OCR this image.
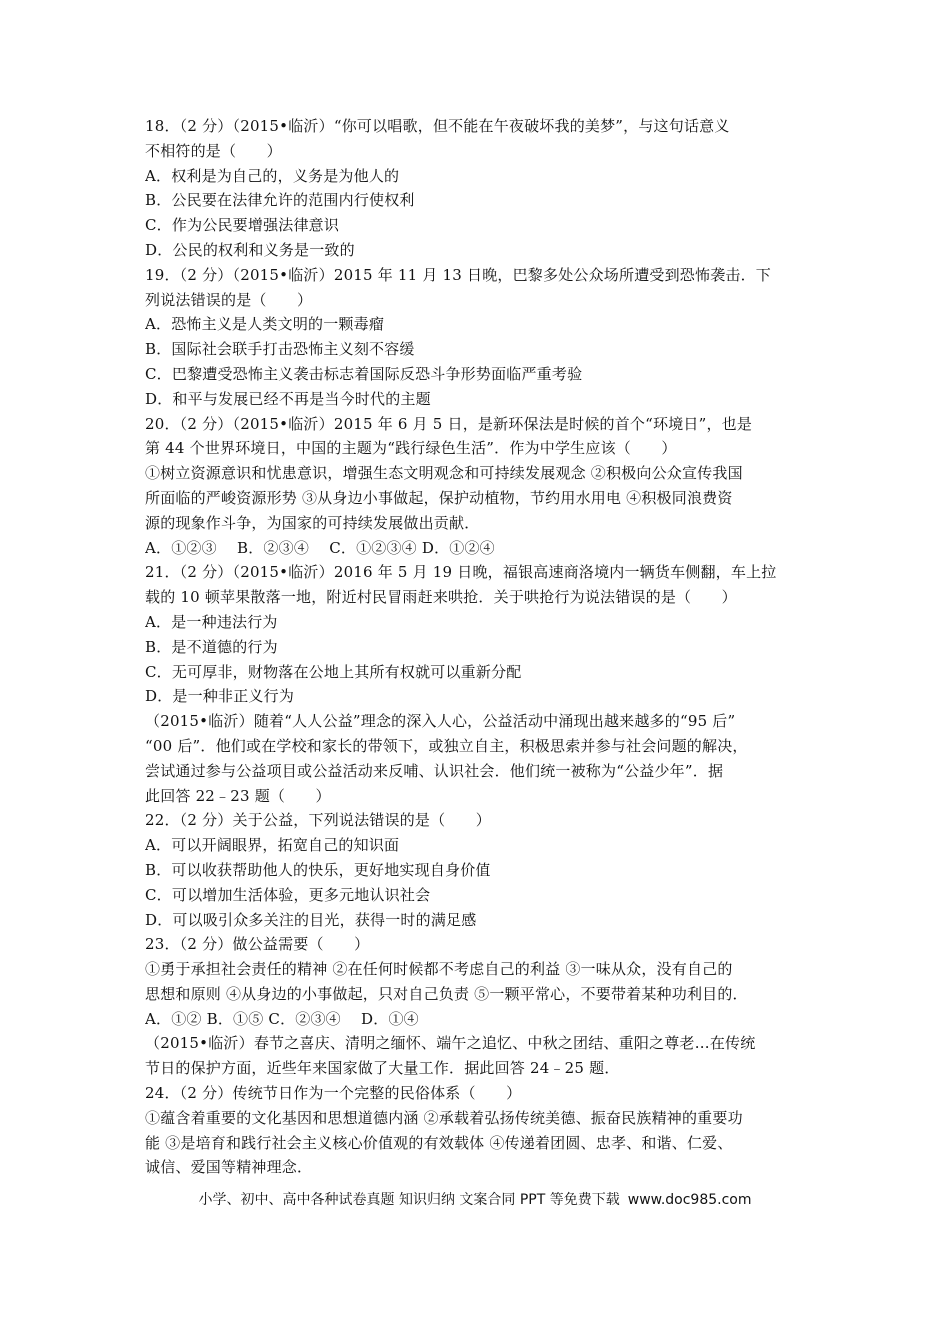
18．（2 分）（2015•临沂）“你可以唱歌，但不能在午夜破坏我的美梦”，与这句话意义
不相符的是（　　）
A．权利是为自己的，义务是为他人的
B．公民要在法律允许的范围内行使权利
C．作为公民要增强法律意识
D．公民的权利和义务是一致的
19．（2 分）（2015•临沂）2015 年 11 月 13 日晚，巴黎多处公众场所遭受到恐怖袭击．下
列说法错误的是（　　）
A．恐怖主义是人类文明的一颗毒瘤
B．国际社会联手打击恐怖主义刻不容缓
C．巴黎遭受恐怖主义袭击标志着国际反恐斗争形势面临严重考验
D．和平与发展已经不再是当今时代的主题
20．（2 分）（2015•临沂）2015 年 6 月 5 日，是新环保法是时候的首个“环境日”，也是
第 44 个世界环境日，中国的主题为“践行绿色生活”．作为中学生应该（　　）
①树立资源意识和忧患意识，增强生态文明观念和可持续发展观念 ②积极向公众宣传我国
所面临的严峻资源形势 ③从身边小事做起，保护动植物，节约用水用电 ④积极同浪费资
源的现象作斗争，为国家的可持续发展做出贡献．
A．①②③　 B．②③④　 C．①②③④ D．①②④
21．（2 分）（2015•临沂）2016 年 5 月 19 日晚，福银高速商洛境内一辆货车侧翻，车上拉
载的 10 顿苹果散落一地，附近村民冒雨赶来哄抢．关于哄抢行为说法错误的是（　　）
A．是一种违法行为
B．是不道德的行为
C．无可厚非，财物落在公地上其所有权就可以重新分配
D．是一种非正义行为
（2015•临沂）随着“人人公益”理念的深入人心，公益活动中涌现出越来越多的“95 后”
“00 后”．他们或在学校和家长的带领下，或独立自主，积极思索并参与社会问题的解决，
尝试通过参与公益项目或公益活动来反哺、认识社会．他们统一被称为“公益少年”．据
此回答 22﹣23 题（　　）
22．（2 分）关于公益，下列说法错误的是（　　）
A．可以开阔眼界，拓宽自己的知识面
B．可以收获帮助他人的快乐，更好地实现自身价值
C．可以增加生活体验，更多元地认识社会
D．可以吸引众多关注的目光，获得一时的满足感
23．（2 分）做公益需要（　　）
①勇于承担社会责任的精神 ②在任何时候都不考虑自己的利益 ③一味从众，没有自己的
思想和原则 ④从身边的小事做起，只对自己负责 ⑤一颗平常心，不要带着某种功利目的．
A．①② B．①⑤ C．②③④　 D．①④
（2015•临沂）春节之喜庆、清明之缅怀、端午之追忆、中秋之团结、重阳之尊老…在传统
节日的保护方面，近些年来国家做了大量工作．据此回答 24﹣25 题．
24．（2 分）传统节日作为一个完整的民俗体系（　　）
①蕴含着重要的文化基因和思想道德内涵 ②承载着弘扬传统美德、振奋民族精神的重要功
能 ③是培育和践行社会主义核心价值观的有效载体 ④传递着团圆、忠孝、和谐、仁爱、
诚信、爱国等精神理念．
小学、初中、高中各种试卷真题 知识归纳 文案合同 PPT 等免费下载 www.doc985.com
